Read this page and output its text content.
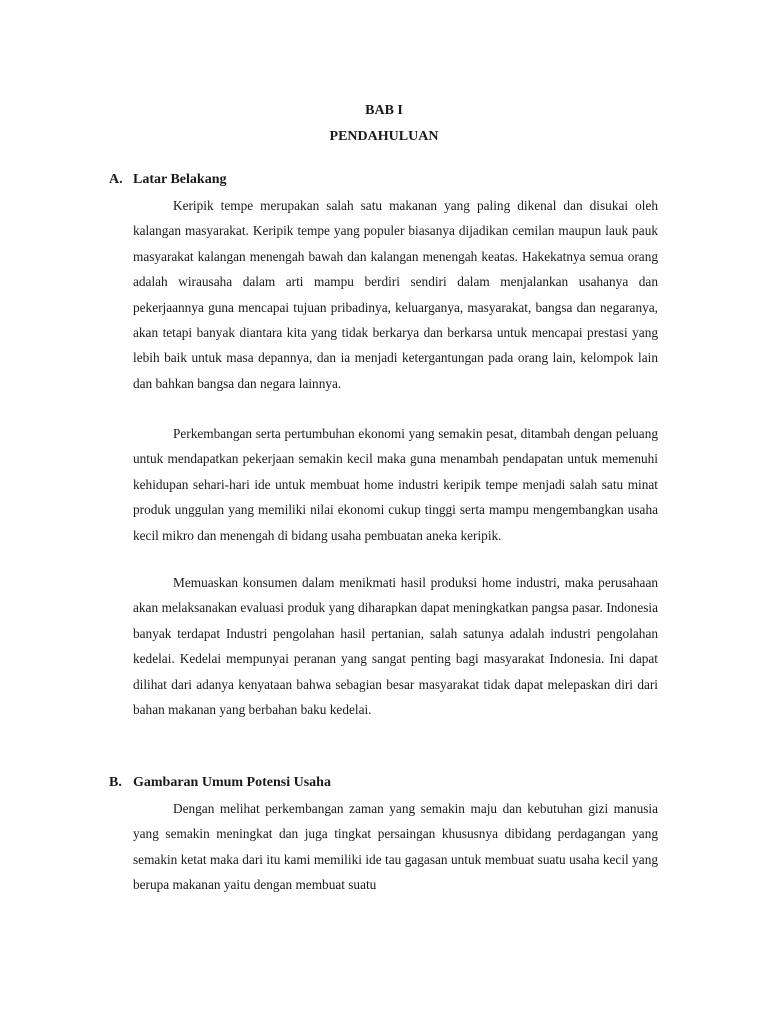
BAB I
PENDAHULUAN
A. Latar Belakang

Keripik tempe merupakan salah satu makanan yang paling dikenal dan disukai oleh kalangan masyarakat. Keripik tempe yang populer biasanya dijadikan cemilan maupun lauk pauk masyarakat kalangan menengah bawah dan kalangan menengah keatas. Hakekatnya semua orang adalah wirausaha dalam arti mampu berdiri sendiri dalam menjalankan usahanya dan pekerjaannya guna mencapai tujuan pribadinya, keluarganya, masyarakat, bangsa dan negaranya, akan tetapi banyak diantara kita yang tidak berkarya dan berkarsa untuk mencapai prestasi yang lebih baik untuk masa depannya, dan ia menjadi ketergantungan pada orang lain, kelompok lain dan bahkan bangsa dan negara lainnya.

Perkembangan serta pertumbuhan ekonomi yang semakin pesat, ditambah dengan peluang untuk mendapatkan pekerjaan semakin kecil maka guna menambah pendapatan untuk memenuhi kehidupan sehari-hari ide untuk membuat home industri keripik tempe menjadi salah satu minat produk unggulan yang memiliki nilai ekonomi cukup tinggi serta mampu mengembangkan usaha kecil mikro dan menengah di bidang usaha pembuatan aneka keripik.

Memuaskan konsumen dalam menikmati hasil produksi home industri, maka perusahaan akan melaksanakan evaluasi produk yang diharapkan dapat meningkatkan pangsa pasar. Indonesia banyak terdapat Industri pengolahan hasil pertanian, salah satunya adalah industri pengolahan kedelai. Kedelai mempunyai peranan yang sangat penting bagi masyarakat Indonesia. Ini dapat dilihat dari adanya kenyataan bahwa sebagian besar masyarakat tidak dapat melepaskan diri dari bahan makanan yang berbahan baku kedelai.

B. Gambaran Umum Potensi Usaha

Dengan melihat perkembangan zaman yang semakin maju dan kebutuhan gizi manusia yang semakin meningkat dan juga tingkat persaingan khususnya dibidang perdagangan yang semakin ketat maka dari itu kami memiliki ide tau gagasan untuk membuat suatu usaha kecil yang berupa makanan yaitu dengan membuat suatu
